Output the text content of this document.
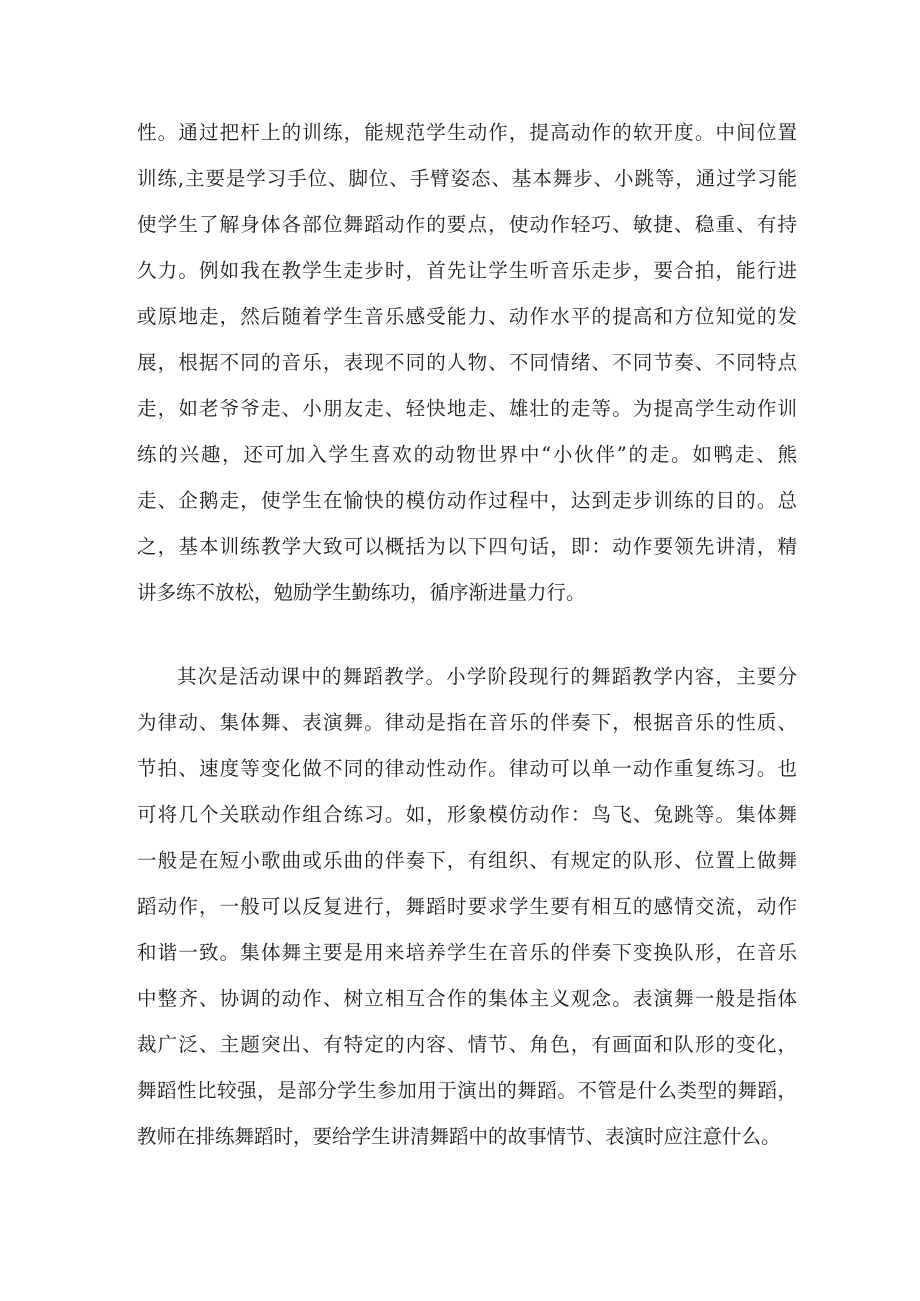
性。通过把杆上的训练，能规范学生动作，提高动作的软开度。中间位置
训练,主要是学习手位、脚位、手臂姿态、基本舞步、小跳等，通过学习能
使学生了解身体各部位舞蹈动作的要点，使动作轻巧、敏捷、稳重、有持
久力。例如我在教学生走步时，首先让学生听音乐走步，要合拍，能行进
或原地走，然后随着学生音乐感受能力、动作水平的提高和方位知觉的发
展，根据不同的音乐，表现不同的人物、不同情绪、不同节奏、不同特点
走，如老爷爷走、小朋友走、轻快地走、雄壮的走等。为提高学生动作训
练的兴趣，还可加入学生喜欢的动物世界中“小伙伴”的走。如鸭走、熊
走、企鹅走，使学生在愉快的模仿动作过程中，达到走步训练的目的。总
之，基本训练教学大致可以概括为以下四句话，即：动作要领先讲清，精
讲多练不放松，勉励学生勤练功，循序渐进量力行。
其次是活动课中的舞蹈教学。小学阶段现行的舞蹈教学内容，主要分
为律动、集体舞、表演舞。律动是指在音乐的伴奏下，根据音乐的性质、
节拍、速度等变化做不同的律动性动作。律动可以单一动作重复练习。也
可将几个关联动作组合练习。如，形象模仿动作：鸟飞、兔跳等。集体舞
一般是在短小歌曲或乐曲的伴奏下，有组织、有规定的队形、位置上做舞
蹈动作，一般可以反复进行，舞蹈时要求学生要有相互的感情交流，动作
和谐一致。集体舞主要是用来培养学生在音乐的伴奏下变换队形，在音乐
中整齐、协调的动作、树立相互合作的集体主义观念。表演舞一般是指体
裁广泛、主题突出、有特定的内容、情节、角色，有画面和队形的变化，
舞蹈性比较强，是部分学生参加用于演出的舞蹈。不管是什么类型的舞蹈，
教师在排练舞蹈时，要给学生讲清舞蹈中的故事情节、表演时应注意什么。
